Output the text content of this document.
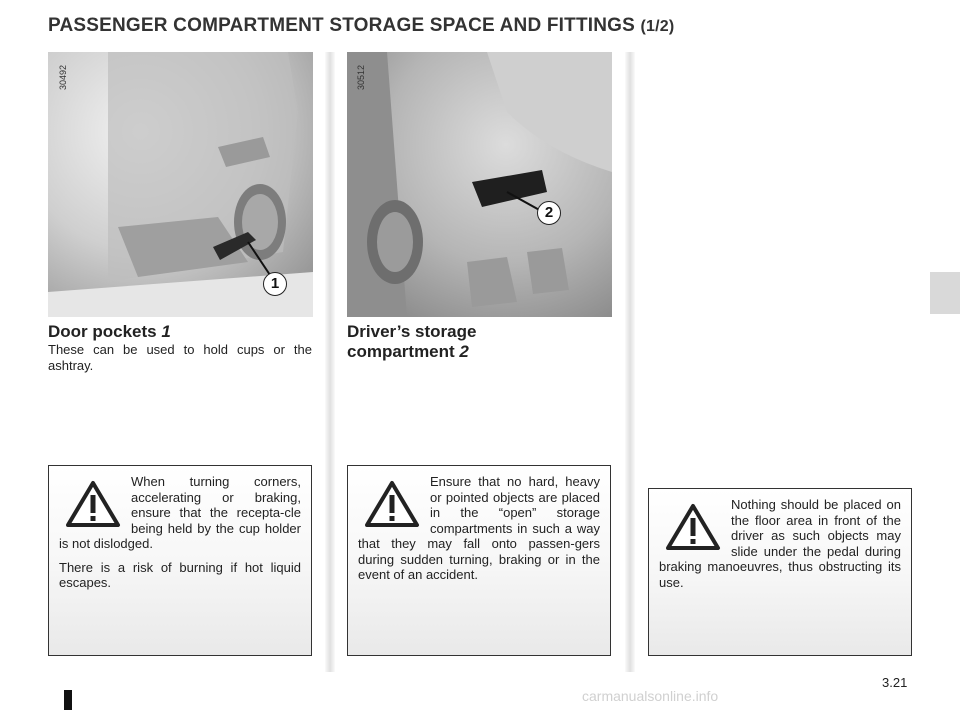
PASSENGER COMPARTMENT STORAGE SPACE AND FITTINGS (1/2)
30492
1
30512
2
Door pockets 1
These can be used to hold cups or the ashtray.
Driver’s storage
compartment 2

When turning corners, accelerating or braking, ensure that the recepta-cle being held by the cup holder is not dislodged.

There is a risk of burning if hot liquid escapes.

Ensure that no hard, heavy or pointed objects are placed in the “open” storage compartments in such a way that they may fall onto passen-gers during sudden turning, braking or in the event of an accident.

Nothing should be placed on the floor area in front of the driver as such objects may slide under the pedal during braking manoeuvres, thus obstructing its use.

3.21
carmanualsonline.info
